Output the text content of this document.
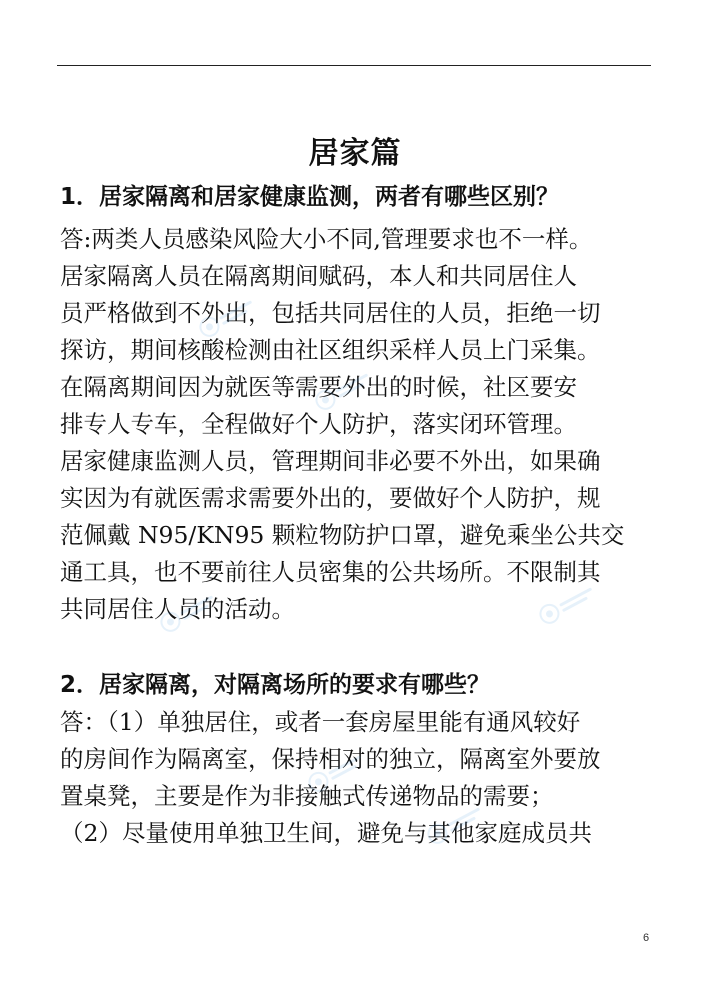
居家篇
1．居家隔离和居家健康监测，两者有哪些区别？
答:两类人员感染风险大小不同,管理要求也不一样。
居家隔离人员在隔离期间赋码，本人和共同居住人
员严格做到不外出，包括共同居住的人员，拒绝一切
探访，期间核酸检测由社区组织采样人员上门采集。
在隔离期间因为就医等需要外出的时候，社区要安
排专人专车，全程做好个人防护，落实闭环管理。
居家健康监测人员，管理期间非必要不外出，如果确
实因为有就医需求需要外出的，要做好个人防护，规
范佩戴 N95/KN95 颗粒物防护口罩，避免乘坐公共交
通工具，也不要前往人员密集的公共场所。不限制其
共同居住人员的活动。
2．居家隔离，对隔离场所的要求有哪些？
答：（1）单独居住，或者一套房屋里能有通风较好
的房间作为隔离室，保持相对的独立，隔离室外要放
置桌凳，主要是作为非接触式传递物品的需要；
（2）尽量使用单独卫生间，避免与其他家庭成员共
6
